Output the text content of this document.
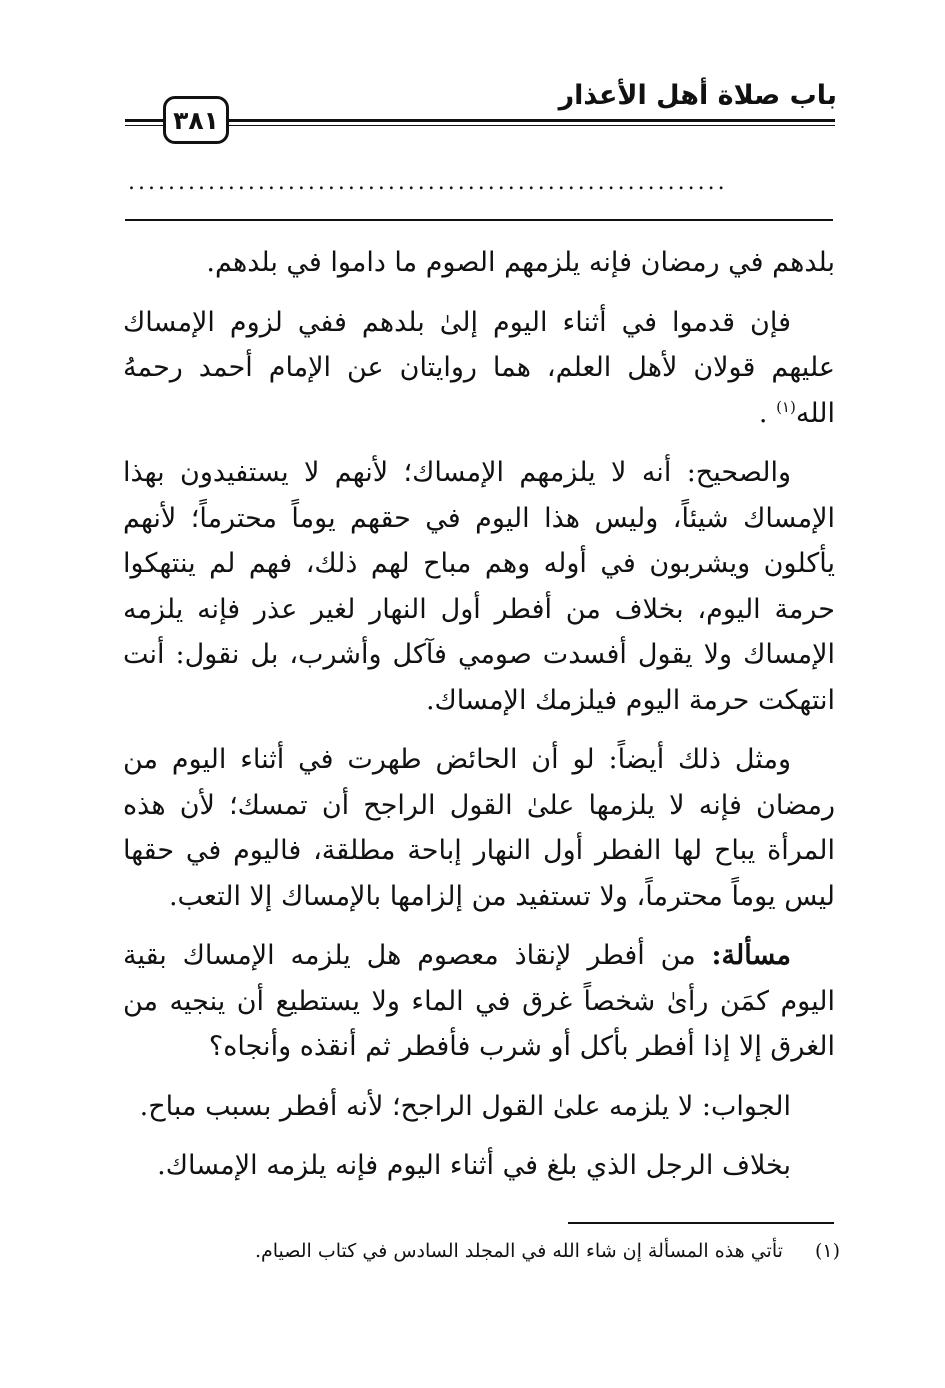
باب صلاة أهل الأعذار
٣٨١
............................................................

بلدهم في رمضان فإنه يلزمهم الصوم ما داموا في بلدهم.

فإن قدموا في أثناء اليوم إلىٰ بلدهم ففي لزوم الإمساك عليهم قولان لأهل العلم، هما روايتان عن الإمام أحمد رحمهُ الله$^{(١)}$ .

والصحيح: أنه لا يلزمهم الإمساك؛ لأنهم لا يستفيدون بهذا الإمساك شيئاً، وليس هذا اليوم في حقهم يوماً محترماً؛ لأنهم يأكلون ويشربون في أوله وهم مباح لهم ذلك، فهم لم ينتهكوا حرمة اليوم، بخلاف من أفطر أول النهار لغير عذر فإنه يلزمه الإمساك ولا يقول أفسدت صومي فآكل وأشرب، بل نقول: أنت انتهكت حرمة اليوم فيلزمك الإمساك.

ومثل ذلك أيضاً: لو أن الحائض طهرت في أثناء اليوم من رمضان فإنه لا يلزمها علىٰ القول الراجح أن تمسك؛ لأن هذه المرأة يباح لها الفطر أول النهار إباحة مطلقة، فاليوم في حقها ليس يوماً محترماً، ولا تستفيد من إلزامها بالإمساك إلا التعب.

مسألة: من أفطر لإنقاذ معصوم هل يلزمه الإمساك بقية اليوم كمَن رأىٰ شخصاً غرق في الماء ولا يستطيع أن ينجيه من الغرق إلا إذا أفطر بأكل أو شرب فأفطر ثم أنقذه وأنجاه؟

الجواب: لا يلزمه علىٰ القول الراجح؛ لأنه أفطر بسبب مباح.

بخلاف الرجل الذي بلغ في أثناء اليوم فإنه يلزمه الإمساك.

(١)تأتي هذه المسألة إن شاء الله في المجلد السادس في كتاب الصيام.
